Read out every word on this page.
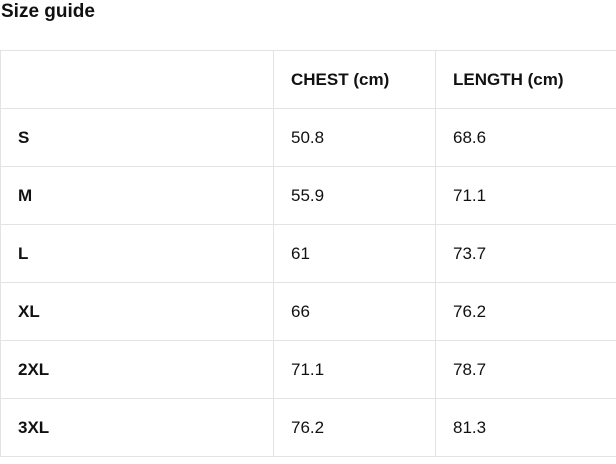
Size guide
	CHEST (cm)	LENGTH (cm)
S	50.8	68.6
M	55.9	71.1
L	61	73.7
XL	66	76.2
2XL	71.1	78.7
3XL	76.2	81.3
